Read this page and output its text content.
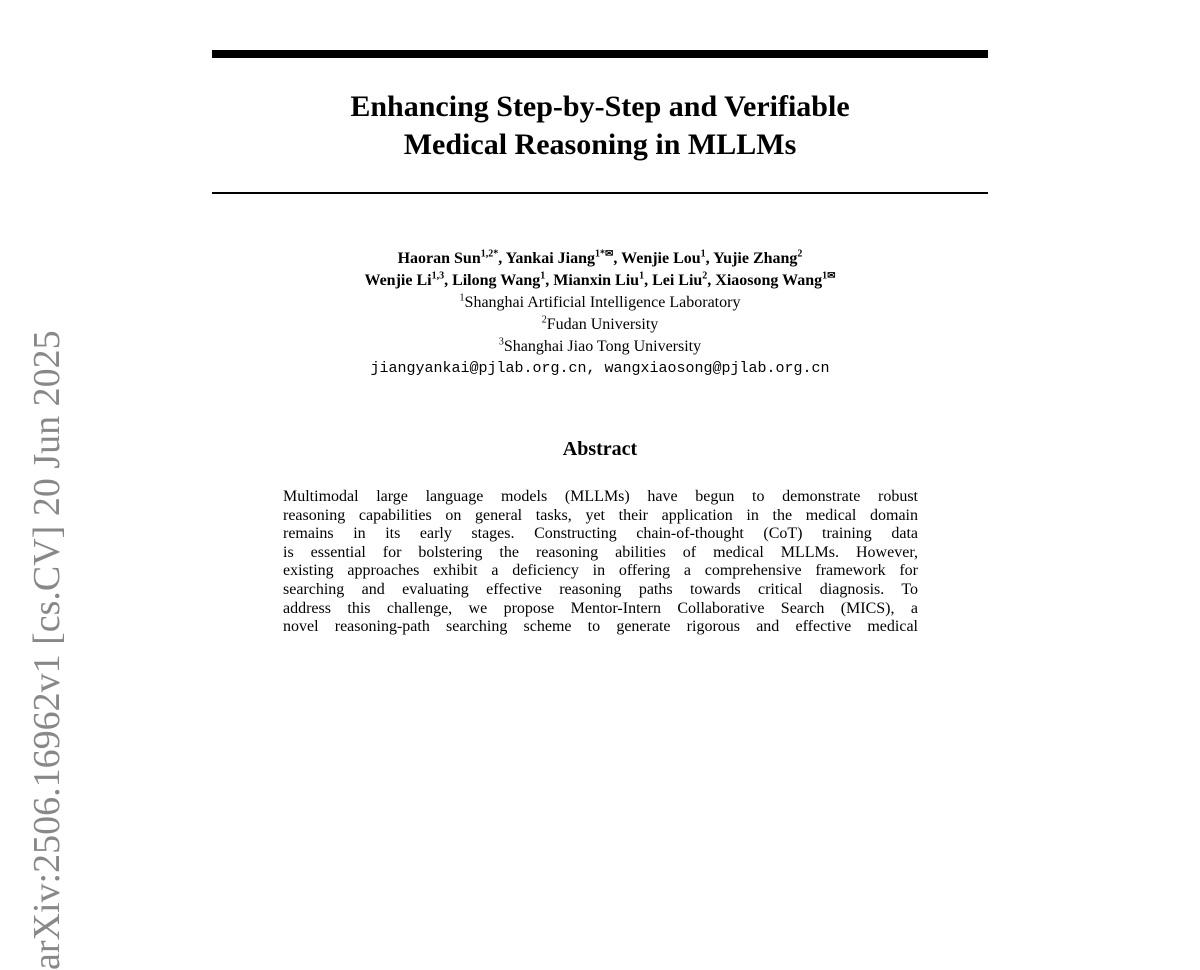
Enhancing Step-by-Step and Verifiable
Medical Reasoning in MLLMs
Haoran Sun$^{1,2*}$, Yankai Jiang$^{1*✉}$, Wenjie Lou$^1$, Yujie Zhang$^2$
Wenjie Li$^{1,3}$, Lilong Wang$^1$, Mianxin Liu$^1$, Lei Liu$^2$, Xiaosong Wang$^{1✉}$
$^1$Shanghai Artificial Intelligence Laboratory
$^2$Fudan University
$^3$Shanghai Jiao Tong University
jiangyankai@pjlab.org.cn, wangxiaosong@pjlab.org.cn
Abstract
Multimodal large language models (MLLMs) have begun to demonstrate robust
reasoning capabilities on general tasks, yet their application in the medical domain
remains in its early stages. Constructing chain-of-thought (CoT) training data
is essential for bolstering the reasoning abilities of medical MLLMs. However,
existing approaches exhibit a deficiency in offering a comprehensive framework for
searching and evaluating effective reasoning paths towards critical diagnosis. To
address this challenge, we propose Mentor-Intern Collaborative Search (MICS), a
novel reasoning-path searching scheme to generate rigorous and effective medical
arXiv:2506.16962v1 [cs.CV] 20 Jun 2025
